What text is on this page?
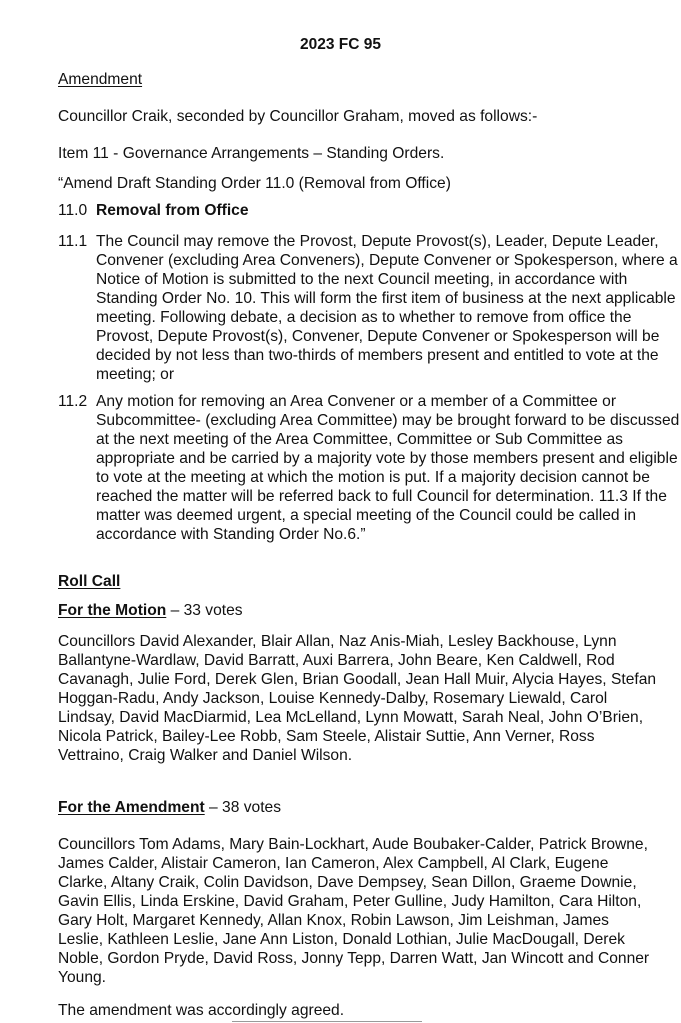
2023 FC 95

Amendment

Councillor Craik, seconded by Councillor Graham, moved as follows:-

Item 11 - Governance Arrangements – Standing Orders.

“Amend Draft Standing Order 11.0 (Removal from Office)

11.0 Removal from Office
11.1 The Council may remove the Provost, Depute Provost(s), Leader, Depute Leader, Convener (excluding Area Conveners), Depute Convener or Spokesperson, where a Notice of Motion is submitted to the next Council meeting, in accordance with Standing Order No. 10. This will form the first item of business at the next applicable meeting. Following debate, a decision as to whether to remove from office the Provost, Depute Provost(s), Convener, Depute Convener or Spokesperson will be decided by not less than two-thirds of members present and entitled to vote at the meeting; or
11.2 Any motion for removing an Area Convener or a member of a Committee or Subcommittee- (excluding Area Committee) may be brought forward to be discussed at the next meeting of the Area Committee, Committee or Sub Committee as appropriate and be carried by a majority vote by those members present and eligible to vote at the meeting at which the motion is put. If a majority decision cannot be reached the matter will be referred back to full Council for determination. 11.3 If the matter was deemed urgent, a special meeting of the Council could be called in accordance with Standing Order No.6.”

Roll Call

For the Motion – 33 votes

Councillors David Alexander, Blair Allan, Naz Anis-Miah, Lesley Backhouse, Lynn Ballantyne-Wardlaw, David Barratt, Auxi Barrera, John Beare, Ken Caldwell, Rod Cavanagh, Julie Ford, Derek Glen, Brian Goodall, Jean Hall Muir, Alycia Hayes, Stefan Hoggan-Radu, Andy Jackson, Louise Kennedy-Dalby, Rosemary Liewald, Carol Lindsay, David MacDiarmid, Lea McLelland, Lynn Mowatt, Sarah Neal, John O’Brien, Nicola Patrick, Bailey-Lee Robb, Sam Steele, Alistair Suttie, Ann Verner, Ross Vettraino, Craig Walker and Daniel Wilson.

For the Amendment – 38 votes

Councillors Tom Adams, Mary Bain-Lockhart, Aude Boubaker-Calder, Patrick Browne, James Calder, Alistair Cameron, Ian Cameron, Alex Campbell, Al Clark, Eugene Clarke, Altany Craik, Colin Davidson, Dave Dempsey, Sean Dillon, Graeme Downie, Gavin Ellis, Linda Erskine, David Graham, Peter Gulline, Judy Hamilton, Cara Hilton, Gary Holt, Margaret Kennedy, Allan Knox, Robin Lawson, Jim Leishman, James Leslie, Kathleen Leslie, Jane Ann Liston, Donald Lothian, Julie MacDougall, Derek Noble, Gordon Pryde, David Ross, Jonny Tepp, Darren Watt, Jan Wincott and Conner Young.

The amendment was accordingly agreed.
